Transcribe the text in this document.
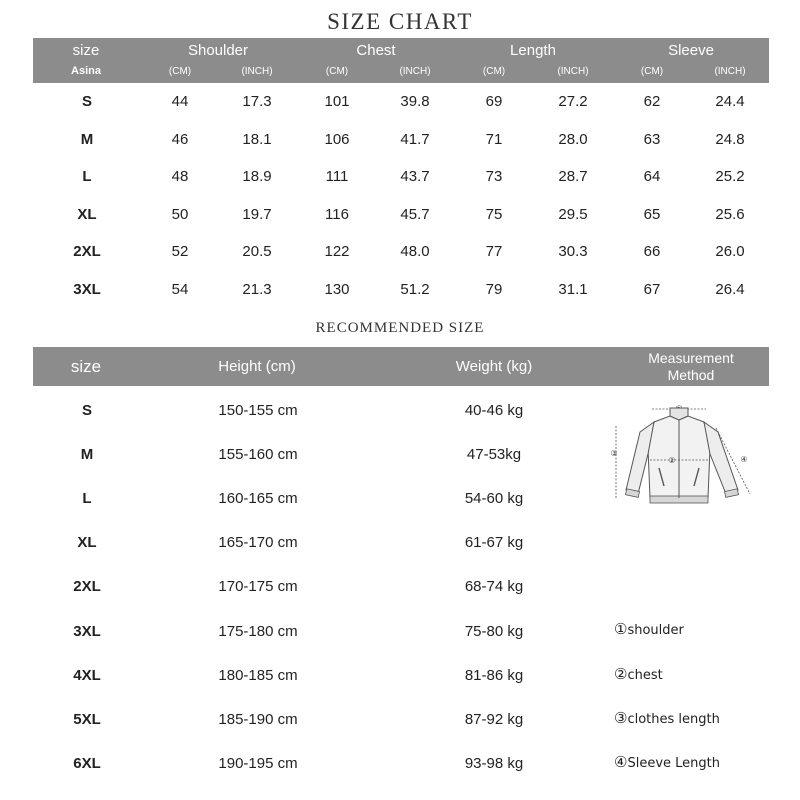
SIZE CHART
size
Asina
Shoulder	Chest	Length	Sleeve
(CM)	(INCH)	(CM)	(INCH)	(CM)	(INCH)	(CM)	(INCH)
S	44	17.3	101	39.8	69	27.2	62	24.4
M	46	18.1	106	41.7	71	28.0	63	24.8
L	48	18.9	111	43.7	73	28.7	64	25.2
XL	50	19.7	116	45.7	75	29.5	65	25.6
2XL	52	20.5	122	48.0	77	30.3	66	26.0
3XL	54	21.3	130	51.2	79	31.1	67	26.4
RECOMMENDED SIZE
size	Height (cm)	Weight (kg)	Measurement
Method
S	150-155 cm	40-46 kg
M	155-160 cm	47-53kg
L	160-165 cm	54-60 kg
XL	165-170 cm	61-67 kg
2XL	170-175 cm	68-74 kg
3XL	175-180 cm	75-80 kg
4XL	180-185 cm	81-86 kg
5XL	185-190 cm	87-92 kg
6XL	190-195 cm	93-98 kg
③
④
②
①shoulder
②chest
③clothes length
④Sleeve Length
